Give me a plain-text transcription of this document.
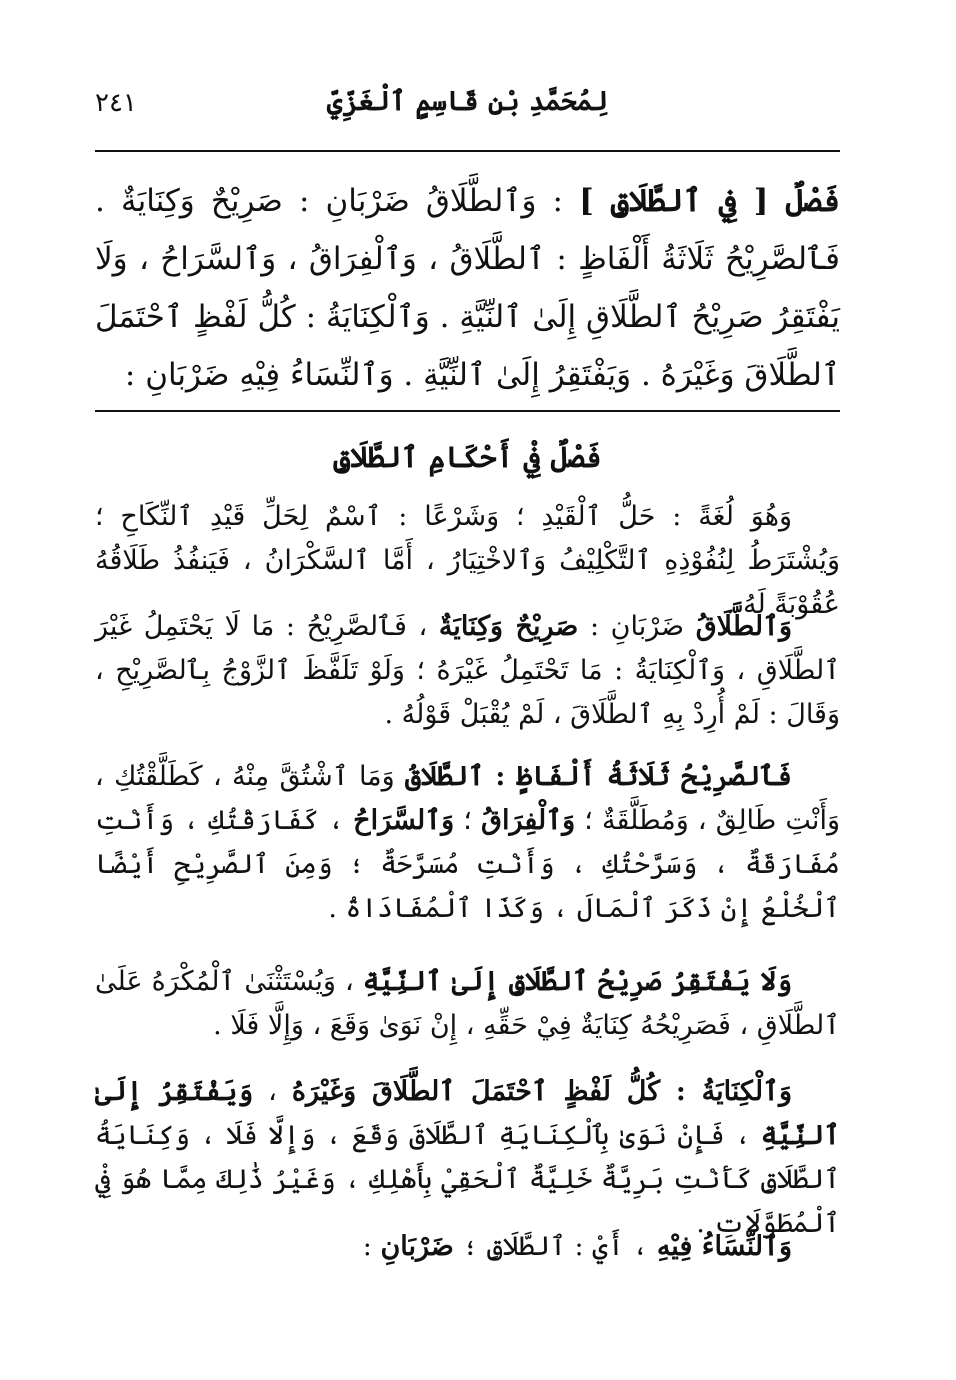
٢٤١	لِمُحَمَّدِ بْنِ قَاسِمٍ ٱلْغَزِّيِّ

فَصْلٌ [ فِي ٱلطَّلَاقِ ] : وَٱلطَّلَاقُ ضَرْبَانِ : صَرِيْحٌ وَكِنَايَةٌ . فَٱلصَّرِيْحُ ثَلَاثَةُ أَلْفَاظٍ : ٱلطَّلَاقُ ، وَٱلْفِرَاقُ ، وَٱلسَّرَاحُ ، وَلَا يَفْتَقِرُ صَرِيْحُ ٱلطَّلَاقِ إِلَىٰ ٱلنِّيَّةِ . وَٱلْكِنَايَةُ : كُلُّ لَفْظٍ ٱحْتَمَلَ ٱلطَّلَاقَ وَغَيْرَهُ . وَيَفْتَقِرُ إِلَىٰ ٱلنِّيَّةِ . وَٱلنِّسَاءُ فِيْهِ ضَرْبَانِ :

فَصْلٌ فِيْ أَحْكَامِ ٱلطَّلَاقِ

وَهُوَ لُغَةً : حَلُّ ٱلْقَيْدِ ؛ وَشَرْعًا : ٱسْمٌ لِحَلِّ قَيْدِ ٱلنِّكَاحِ ؛ وَيُشْتَرَطُ لِنُفُوْذِهِ ٱلتَّكْلِيْفُ وَٱلاخْتِيَارُ ، أَمَّا ٱلسَّكْرَانُ ، فَيَنفُذُ طَلَاقُهُ عُقُوْبَةً لَهُ .

وَٱلطَّلَاقُ ضَرْبَانِ : صَرِيْحٌ وَكِنَايَةٌ ، فَٱلصَّرِيْحُ : مَا لَا يَحْتَمِلُ غَيْرَ ٱلطَّلَاقِ ، وَٱلْكِنَايَةُ : مَا تَحْتَمِلُ غَيْرَهُ ؛ وَلَوْ تَلَفَّظَ ٱلزَّوْجُ بِٱلصَّرِيْحِ ، وَقَالَ : لَمْ أُرِدْ بِهِ ٱلطَّلَاقَ ، لَمْ يُقْبَلْ قَوْلُهُ .

فَٱلصَّرِيْحُ ثَلَاثَةُ أَلْفَاظٍ : ٱلطَّلَاقُ وَمَا ٱشْتُقَّ مِنْهُ ، كَطَلَّقْتُكِ ، وَأَنْتِ طَالِقٌ ، وَمُطَلَّقَةٌ ؛ وَٱلْفِرَاقُ ؛ وَٱلسَّرَاحُ ، كَفَارَقْتُكِ ، وَأَنْتِ مُفَارَقَةٌ ، وَسَرَّحْتُكِ ، وَأَنْتِ مُسَرَّحَةٌ ؛ وَمِنَ ٱلصَّرِيْحِ أَيْضًا ٱلْخُلْعُ إِنْ ذَكَرَ ٱلْمَالَ ، وَكَذَا ٱلْمُفَادَاةُ .

وَلَا يَفْتَقِرُ صَرِيْحُ ٱلطَّلَاقِ إِلَىٰ ٱلنِّيَّةِ ، وَيُسْتَثْنَىٰ ٱلْمُكْرَهُ عَلَىٰ ٱلطَّلَاقِ ، فَصَرِيْحُهُ كِنَايَةٌ فِيْ حَقِّهِ ، إِنْ نَوَىٰ وَقَعَ ، وَإِلَّا فَلَا .

وَٱلْكِنَايَةُ : كُلُّ لَفْظٍ ٱحْتَمَلَ ٱلطَّلَاقَ وَغَيْرَهُ ، وَيَفْتَقِرُ إِلَىٰ ٱلنِّيَّةِ ، فَإِنْ نَوَىٰ بِٱلْكِنَايَةِ ٱلطَّلَاقَ وَقَعَ ، وَإِلَّا فَلَا ، وَكِنَايَةُ ٱلطَّلَاقِ كَأَنْتِ بَرِيَّةٌ خَلِيَّةٌ ٱلْحَقِيْ بِأَهْلِكِ ، وَغَيْرُ ذَٰلِكَ مِمَّا هُوَ فِيْ ٱلْمُطَوَّلَاتِ .

وَٱلنِّسَاءُ فِيْهِ ، أَيْ : ٱلطَّلَاقِ ؛ ضَرْبَانِ :
